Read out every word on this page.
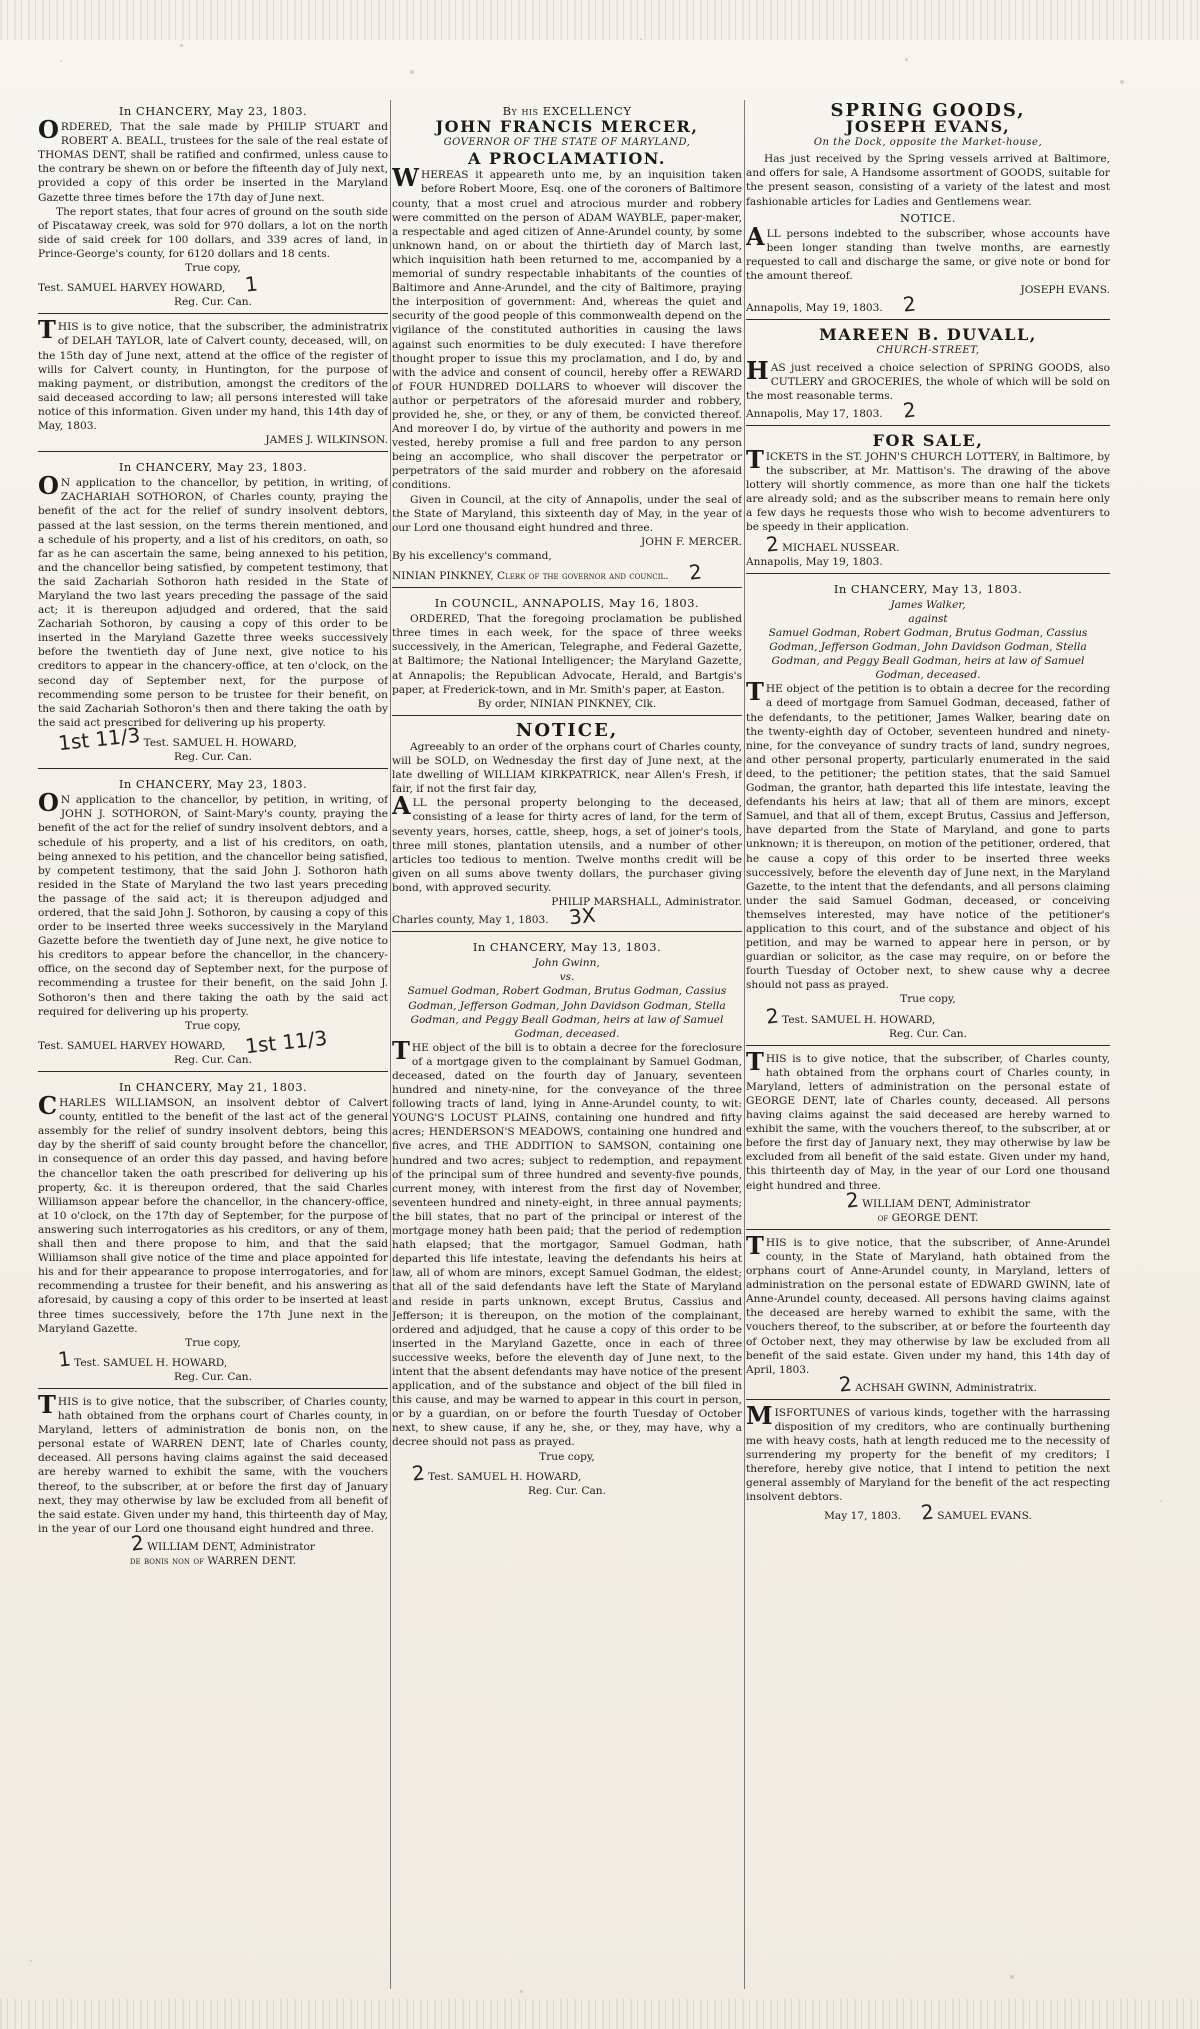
In CHANCERY, May 23, 1803.

ORDERED, That the sale made by PHILIP STUART and ROBERT A. BEALL, trustees for the sale of the real estate of THOMAS DENT, shall be ratified and confirmed, unless cause to the contrary be shewn on or before the fifteenth day of July next, provided a copy of this order be inserted in the Maryland Gazette three times before the 17th day of June next.

The report states, that four acres of ground on the south side of Piscataway creek, was sold for 970 dollars, a lot on the north side of said creek for 100 dollars, and 339 acres of land, in Prince-George's county, for 6120 dollars and 18 cents.

True copy,

Test. SAMUEL HARVEY HOWARD, 1

Reg. Cur. Can.

THIS is to give notice, that the subscriber, the administratrix of DELAH TAYLOR, late of Calvert county, deceased, will, on the 15th day of June next, attend at the office of the register of wills for Calvert county, in Huntington, for the purpose of making payment, or distribution, amongst the creditors of the said deceased according to law; all persons interested will take notice of this information. Given under my hand, this 14th day of May, 1803.

JAMES J. WILKINSON.

In CHANCERY, May 23, 1803.

ON application to the chancellor, by petition, in writing, of ZACHARIAH SOTHORON, of Charles county, praying the benefit of the act for the relief of sundry insolvent debtors, passed at the last session, on the terms therein mentioned, and a schedule of his property, and a list of his creditors, on oath, so far as he can ascertain the same, being annexed to his petition, and the chancellor being satisfied, by competent testimony, that the said Zachariah Sothoron hath resided in the State of Maryland the two last years preceding the passage of the said act; it is thereupon adjudged and ordered, that the said Zachariah Sothoron, by causing a copy of this order to be inserted in the Maryland Gazette three weeks successively before the twentieth day of June next, give notice to his creditors to appear in the chancery-office, at ten o'clock, on the second day of September next, for the purpose of recommending some person to be trustee for their benefit, on the said Zachariah Sothoron's then and there taking the oath by the said act prescribed for delivering up his property.

1st 11/3 Test. SAMUEL H. HOWARD,

Reg. Cur. Can.

In CHANCERY, May 23, 1803.

ON application to the chancellor, by petition, in writing, of JOHN J. SOTHORON, of Saint-Mary's county, praying the benefit of the act for the relief of sundry insolvent debtors, and a schedule of his property, and a list of his creditors, on oath, being annexed to his petition, and the chancellor being satisfied, by competent testimony, that the said John J. Sothoron hath resided in the State of Maryland the two last years preceding the passage of the said act; it is thereupon adjudged and ordered, that the said John J. Sothoron, by causing a copy of this order to be inserted three weeks successively in the Maryland Gazette before the twentieth day of June next, he give notice to his creditors to appear before the chancellor, in the chancery-office, on the second day of September next, for the purpose of recommending a trustee for their benefit, on the said John J. Sothoron's then and there taking the oath by the said act required for delivering up his property.

True copy,

Test. SAMUEL HARVEY HOWARD, 1st 11/3

Reg. Cur. Can.

In CHANCERY, May 21, 1803.

CHARLES WILLIAMSON, an insolvent debtor of Calvert county, entitled to the benefit of the last act of the general assembly for the relief of sundry insolvent debtors, being this day by the sheriff of said county brought before the chancellor, in consequence of an order this day passed, and having before the chancellor taken the oath prescribed for delivering up his property, &c. it is thereupon ordered, that the said Charles Williamson appear before the chancellor, in the chancery-office, at 10 o'clock, on the 17th day of September, for the purpose of answering such interrogatories as his creditors, or any of them, shall then and there propose to him, and that the said Williamson shall give notice of the time and place appointed for his and for their appearance to propose interrogatories, and for recommending a trustee for their benefit, and his answering as aforesaid, by causing a copy of this order to be inserted at least three times successively, before the 17th June next in the Maryland Gazette.

True copy,

1 Test. SAMUEL H. HOWARD,

Reg. Cur. Can.

THIS is to give notice, that the subscriber, of Charles county, hath obtained from the orphans court of Charles county, in Maryland, letters of administration de bonis non, on the personal estate of WARREN DENT, late of Charles county, deceased. All persons having claims against the said deceased are hereby warned to exhibit the same, with the vouchers thereof, to the subscriber, at or before the first day of January next, they may otherwise by law be excluded from all benefit of the said estate. Given under my hand, this thirteenth day of May, in the year of our Lord one thousand eight hundred and three.

2 WILLIAM DENT, Administrator

de bonis non of WARREN DENT.

By his EXCELLENCY
JOHN FRANCIS MERCER,
GOVERNOR OF THE STATE OF MARYLAND,
A PROCLAMATION.

WHEREAS it appeareth unto me, by an inquisition taken before Robert Moore, Esq. one of the coroners of Baltimore county, that a most cruel and atrocious murder and robbery were committed on the person of ADAM WAYBLE, paper-maker, a respectable and aged citizen of Anne-Arundel county, by some unknown hand, on or about the thirtieth day of March last, which inquisition hath been returned to me, accompanied by a memorial of sundry respectable inhabitants of the counties of Baltimore and Anne-Arundel, and the city of Baltimore, praying the interposition of government: And, whereas the quiet and security of the good people of this commonwealth depend on the vigilance of the constituted authorities in causing the laws against such enormities to be duly executed: I have therefore thought proper to issue this my proclamation, and I do, by and with the advice and consent of council, hereby offer a REWARD of FOUR HUNDRED DOLLARS to whoever will discover the author or perpetrators of the aforesaid murder and robbery, provided he, she, or they, or any of them, be convicted thereof. And moreover I do, by virtue of the authority and powers in me vested, hereby promise a full and free pardon to any person being an accomplice, who shall discover the perpetrator or perpetrators of the said murder and robbery on the aforesaid conditions.

Given in Council, at the city of Annapolis, under the seal of the State of Maryland, this sixteenth day of May, in the year of our Lord one thousand eight hundred and three.

JOHN F. MERCER.

By his excellency's command,

NINIAN PINKNEY, Clerk of the governor and council. 2

In COUNCIL, ANNAPOLIS, May 16, 1803.

ORDERED, That the foregoing proclamation be published three times in each week, for the space of three weeks successively, in the American, Telegraphe, and Federal Gazette, at Baltimore; the National Intelligencer; the Maryland Gazette, at Annapolis; the Republican Advocate, Herald, and Bartgis's paper, at Frederick-town, and in Mr. Smith's paper, at Easton.

By order, NINIAN PINKNEY, Clk.

NOTICE,

Agreeably to an order of the orphans court of Charles county, will be SOLD, on Wednesday the first day of June next, at the late dwelling of WILLIAM KIRKPATRICK, near Allen's Fresh, if fair, if not the first fair day,

ALL the personal property belonging to the deceased, consisting of a lease for thirty acres of land, for the term of seventy years, horses, cattle, sheep, hogs, a set of joiner's tools, three mill stones, plantation utensils, and a number of other articles too tedious to mention. Twelve months credit will be given on all sums above twenty dollars, the purchaser giving bond, with approved security.

PHILIP MARSHALL, Administrator.

Charles county, May 1, 1803. 3X

In CHANCERY, May 13, 1803.

John Gwinn,

vs.

Samuel Godman, Robert Godman, Brutus Godman, Cassius Godman, Jefferson Godman, John Davidson Godman, Stella Godman, and Peggy Beall Godman, heirs at law of Samuel Godman, deceased.

THE object of the bill is to obtain a decree for the foreclosure of a mortgage given to the complainant by Samuel Godman, deceased, dated on the fourth day of January, seventeen hundred and ninety-nine, for the conveyance of the three following tracts of land, lying in Anne-Arundel county, to wit: YOUNG'S LOCUST PLAINS, containing one hundred and fifty acres; HENDERSON'S MEADOWS, containing one hundred and five acres, and THE ADDITION to SAMSON, containing one hundred and two acres; subject to redemption, and repayment of the principal sum of three hundred and seventy-five pounds, current money, with interest from the first day of November, seventeen hundred and ninety-eight, in three annual payments; the bill states, that no part of the principal or interest of the mortgage money hath been paid; that the period of redemption hath elapsed; that the mortgagor, Samuel Godman, hath departed this life intestate, leaving the defendants his heirs at law, all of whom are minors, except Samuel Godman, the eldest; that all of the said defendants have left the State of Maryland and reside in parts unknown, except Brutus, Cassius and Jefferson; it is thereupon, on the motion of the complainant, ordered and adjudged, that he cause a copy of this order to be inserted in the Maryland Gazette, once in each of three successive weeks, before the eleventh day of June next, to the intent that the absent defendants may have notice of the present application, and of the substance and object of the bill filed in this cause, and may be warned to appear in this court in person, or by a guardian, on or before the fourth Tuesday of October next, to shew cause, if any he, she, or they, may have, why a decree should not pass as prayed.

True copy,

2 Test. SAMUEL H. HOWARD,

Reg. Cur. Can.

SPRING GOODS,
JOSEPH EVANS,
On the Dock, opposite the Market-house,

Has just received by the Spring vessels arrived at Baltimore, and offers for sale, A Handsome assortment of GOODS, suitable for the present season, consisting of a variety of the latest and most fashionable articles for Ladies and Gentlemens wear.

NOTICE.

ALL persons indebted to the subscriber, whose accounts have been longer standing than twelve months, are earnestly requested to call and discharge the same, or give note or bond for the amount thereof.

JOSEPH EVANS.

Annapolis, May 19, 1803. 2

MAREEN B. DUVALL,
CHURCH-STREET,

HAS just received a choice selection of SPRING GOODS, also CUTLERY and GROCERIES, the whole of which will be sold on the most reasonable terms.

Annapolis, May 17, 1803. 2

FOR SALE,

TICKETS in the ST. JOHN'S CHURCH LOTTERY, in Baltimore, by the subscriber, at Mr. Mattison's. The drawing of the above lottery will shortly commence, as more than one half the tickets are already sold; and as the subscriber means to remain here only a few days he requests those who wish to become adventurers to be speedy in their application.

2 MICHAEL NUSSEAR.

Annapolis, May 19, 1803.

In CHANCERY, May 13, 1803.

James Walker,

against

Samuel Godman, Robert Godman, Brutus Godman, Cassius Godman, Jefferson Godman, John Davidson Godman, Stella Godman, and Peggy Beall Godman, heirs at law of Samuel Godman, deceased.

THE object of the petition is to obtain a decree for the recording a deed of mortgage from Samuel Godman, deceased, father of the defendants, to the petitioner, James Walker, bearing date on the twenty-eighth day of October, seventeen hundred and ninety-nine, for the conveyance of sundry tracts of land, sundry negroes, and other personal property, particularly enumerated in the said deed, to the petitioner; the petition states, that the said Samuel Godman, the grantor, hath departed this life intestate, leaving the defendants his heirs at law; that all of them are minors, except Samuel, and that all of them, except Brutus, Cassius and Jefferson, have departed from the State of Maryland, and gone to parts unknown; it is thereupon, on motion of the petitioner, ordered, that he cause a copy of this order to be inserted three weeks successively, before the eleventh day of June next, in the Maryland Gazette, to the intent that the defendants, and all persons claiming under the said Samuel Godman, deceased, or conceiving themselves interested, may have notice of the petitioner's application to this court, and of the substance and object of his petition, and may be warned to appear here in person, or by guardian or solicitor, as the case may require, on or before the fourth Tuesday of October next, to shew cause why a decree should not pass as prayed.

True copy,

2 Test. SAMUEL H. HOWARD,

Reg. Cur. Can.

THIS is to give notice, that the subscriber, of Charles county, hath obtained from the orphans court of Charles county, in Maryland, letters of administration on the personal estate of GEORGE DENT, late of Charles county, deceased. All persons having claims against the said deceased are hereby warned to exhibit the same, with the vouchers thereof, to the subscriber, at or before the first day of January next, they may otherwise by law be excluded from all benefit of the said estate. Given under my hand, this thirteenth day of May, in the year of our Lord one thousand eight hundred and three.

2 WILLIAM DENT, Administrator

of GEORGE DENT.

THIS is to give notice, that the subscriber, of Anne-Arundel county, in the State of Maryland, hath obtained from the orphans court of Anne-Arundel county, in Maryland, letters of administration on the personal estate of EDWARD GWINN, late of Anne-Arundel county, deceased. All persons having claims against the deceased are hereby warned to exhibit the same, with the vouchers thereof, to the subscriber, at or before the fourteenth day of October next, they may otherwise by law be excluded from all benefit of the said estate. Given under my hand, this 14th day of April, 1803.

2 ACHSAH GWINN, Administratrix.

MISFORTUNES of various kinds, together with the harrassing disposition of my creditors, who are continually burthening me with heavy costs, hath at length reduced me to the necessity of surrendering my property for the benefit of my creditors; I therefore, hereby give notice, that I intend to petition the next general assembly of Maryland for the benefit of the act respecting insolvent debtors.

May 17, 1803. 2 SAMUEL EVANS.
